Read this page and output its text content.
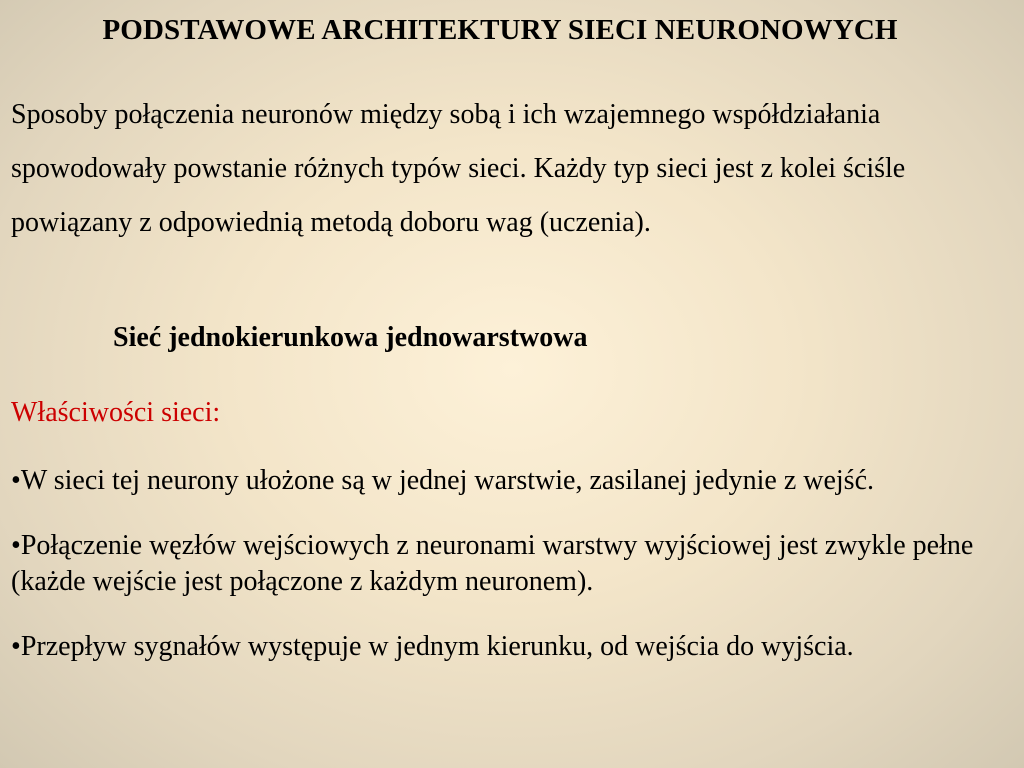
PODSTAWOWE ARCHITEKTURY SIECI NEURONOWYCH
Sposoby połączenia neuronów między sobą i ich wzajemnego współdziałania spowodowały powstanie różnych typów sieci. Każdy typ sieci jest z kolei ściśle powiązany z odpowiednią metodą doboru wag (uczenia).
Sieć jednokierunkowa jednowarstwowa
Właściwości sieci:
•W sieci tej neurony ułożone są w jednej warstwie, zasilanej jedynie z wejść.
•Połączenie węzłów wejściowych z neuronami warstwy wyjściowej jest zwykle pełne (każde wejście jest połączone z każdym neuronem).
•Przepływ sygnałów występuje w jednym kierunku, od wejścia do wyjścia.
